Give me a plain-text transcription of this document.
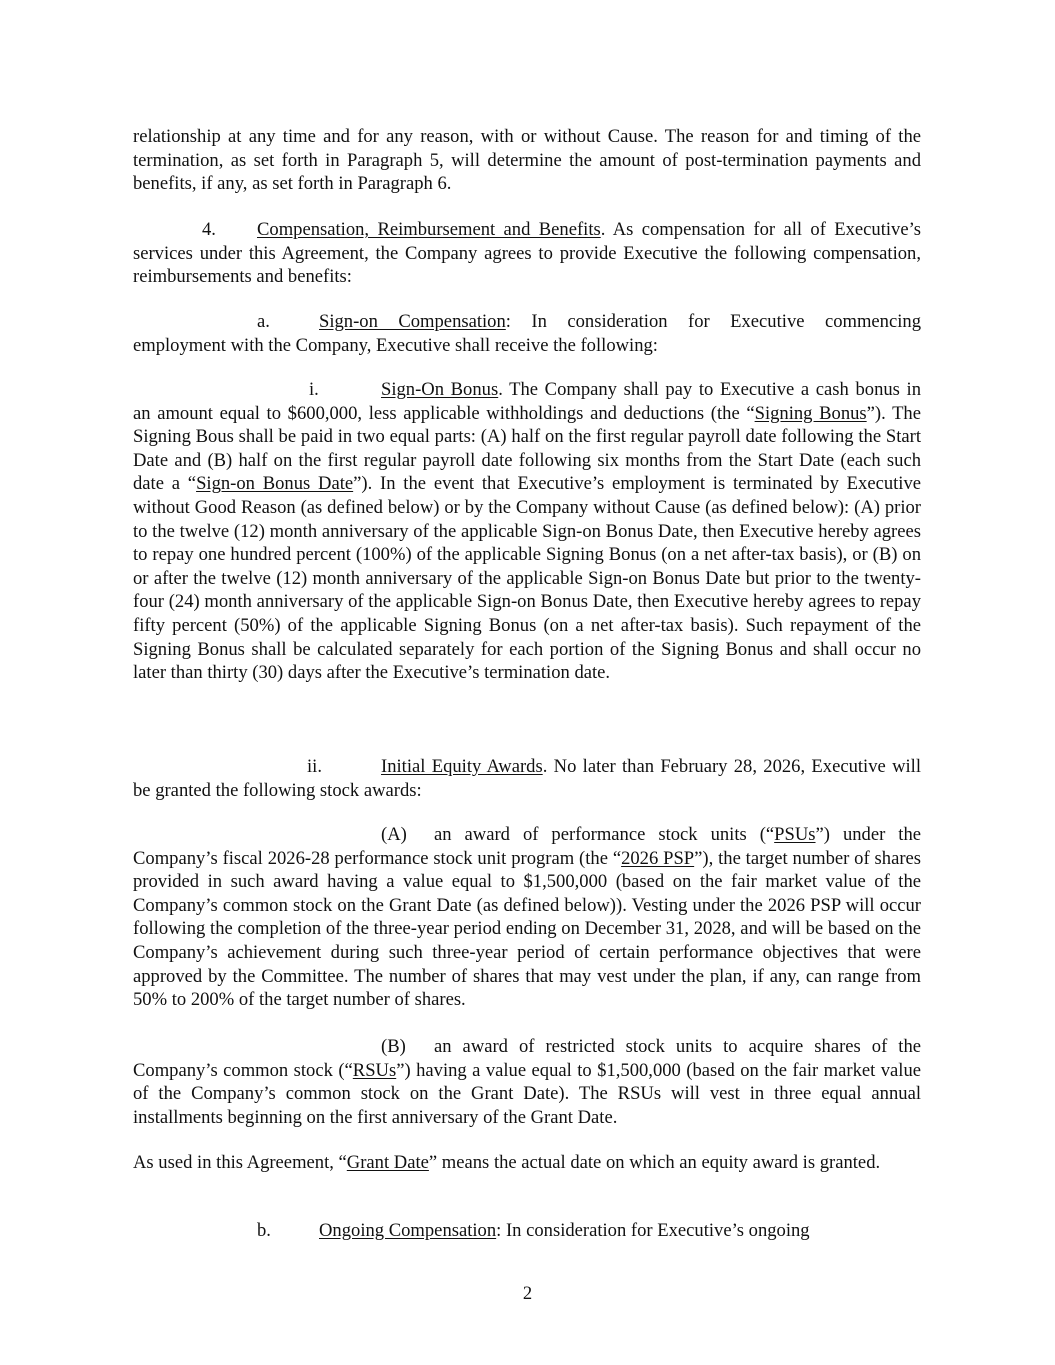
relationship at any time and for any reason, with or without Cause. The reason for and timing of the termination, as set forth in Paragraph 5, will determine the amount of post-termination payments and benefits, if any, as set forth in Paragraph 6.

4. Compensation, Reimbursement and Benefits. As compensation for all of Executive’s services under this Agreement, the Company agrees to provide Executive the following compensation, reimbursements and benefits:

a.	Sign-on Compensation: In consideration for Executive commencing employment with the Company, Executive shall receive the following:

i.	Sign-On Bonus. The Company shall pay to Executive a cash bonus in an amount equal to $600,000, less applicable withholdings and deductions (the “Signing Bonus”). The Signing Bous shall be paid in two equal parts: (A) half on the first regular payroll date following the Start Date and (B) half on the first regular payroll date following six months from the Start Date (each such date a “Sign-on Bonus Date”). In the event that Executive’s employment is terminated by Executive without Good Reason (as defined below) or by the Company without Cause (as defined below): (A) prior to the twelve (12) month anniversary of the applicable Sign-on Bonus Date, then Executive hereby agrees to repay one hundred percent (100%) of the applicable Signing Bonus (on a net after-tax basis), or (B) on or after the twelve (12) month anniversary of the applicable Sign-on Bonus Date but prior to the twenty-four (24) month anniversary of the applicable Sign-on Bonus Date, then Executive hereby agrees to repay fifty percent (50%) of the applicable Signing Bonus (on a net after-tax basis). Such repayment of the Signing Bonus shall be calculated separately for each portion of the Signing Bonus and shall occur no later than thirty (30) days after the Executive’s termination date.

ii.	Initial Equity Awards. No later than February 28, 2026, Executive will be granted the following stock awards:

(A) an award of performance stock units (“PSUs”) under the Company’s fiscal 2026-28 performance stock unit program (the “2026 PSP”), the target number of shares provided in such award having a value equal to $1,500,000 (based on the fair market value of the Company’s common stock on the Grant Date (as defined below)). Vesting under the 2026 PSP will occur following the completion of the three-year period ending on December 31, 2028, and will be based on the Company’s achievement during such three-year period of certain performance objectives that were approved by the Committee. The number of shares that may vest under the plan, if any, can range from 50% to 200% of the target number of shares.

(B) an award of restricted stock units to acquire shares of the Company’s common stock (“RSUs”) having a value equal to $1,500,000 (based on the fair market value of the Company’s common stock on the Grant Date). The RSUs will vest in three equal annual installments beginning on the first anniversary of the Grant Date.

As used in this Agreement, “Grant Date” means the actual date on which an equity award is granted.

b.	Ongoing Compensation: In consideration for Executive’s ongoing

2
